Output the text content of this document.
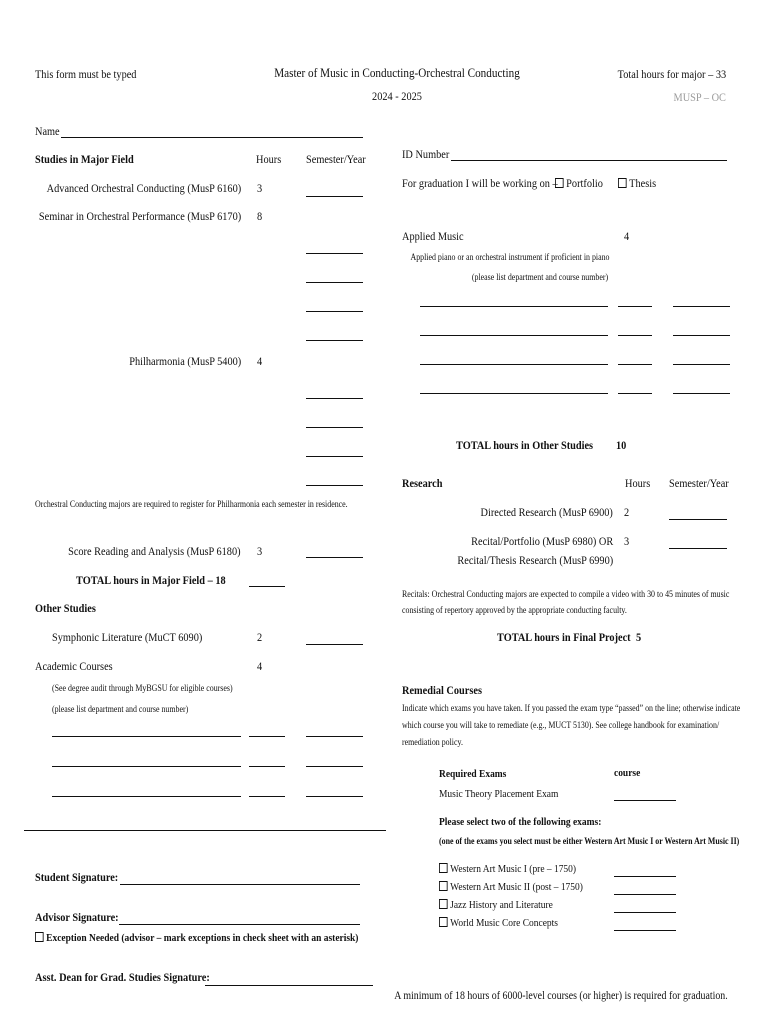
This form must be typed	Master of Music in Conducting-Orchestral Conducting
2024 - 2025
Total hours for major – 33
MUSP – OC
Name
ID Number
For graduation I will be working on – Portfolio	Thesis
Studies in Major Field	Hours Semester/Year
Advanced Orchestral Conducting (MusP 6160) 3
Seminar in Orchestral Performance (MusP 6170) 8
Philharmonia (MusP 5400) 4
Orchestral Conducting majors are required to register for Philharmonia each semester in residence.
Score Reading and Analysis (MusP 6180) 3
TOTAL hours in Major Field – 18
Other Studies
Symphonic Literature (MuCT 6090)	2
Academic Courses	4
(See degree audit through MyBGSU for eligible courses)
(please list department and course number)
Applied Music	4
Applied piano or an orchestral instrument if proficient in piano
(please list department and course number)
TOTAL hours in Other Studies 10
Research	Hours Semester/Year
Directed Research (MusP 6900) 2
Recital/Portfolio (MusP 6980) OR
Recital/Thesis Research (MusP 6990)
3
Recitals: Orchestral Conducting majors are expected to compile a video with 30 to 45 minutes of music
consisting of repertory approved by the appropriate conducting faculty.
TOTAL hours in Final Project 5
Remedial Courses
Indicate which exams you have taken. If you passed the exam type “passed” on the line; otherwise indicate
which course you will take to remediate (e.g., MUCT 5130). See college handbook for examination/
remediation policy.
Required Exams	course
Music Theory Placement Exam
Please select two of the following exams:
(one of the exams you select must be either Western Art Music I or Western Art Music II)
Western Art Music I (pre – 1750)
Western Art Music II (post – 1750)
Jazz History and Literature
World Music Core Concepts
Student Signature:
Advisor Signature:
Exception Needed (advisor – mark exceptions in check sheet with an asterisk)
Asst. Dean for Grad. Studies Signature:
A minimum of 18 hours of 6000-level courses (or higher) is required for graduation.
